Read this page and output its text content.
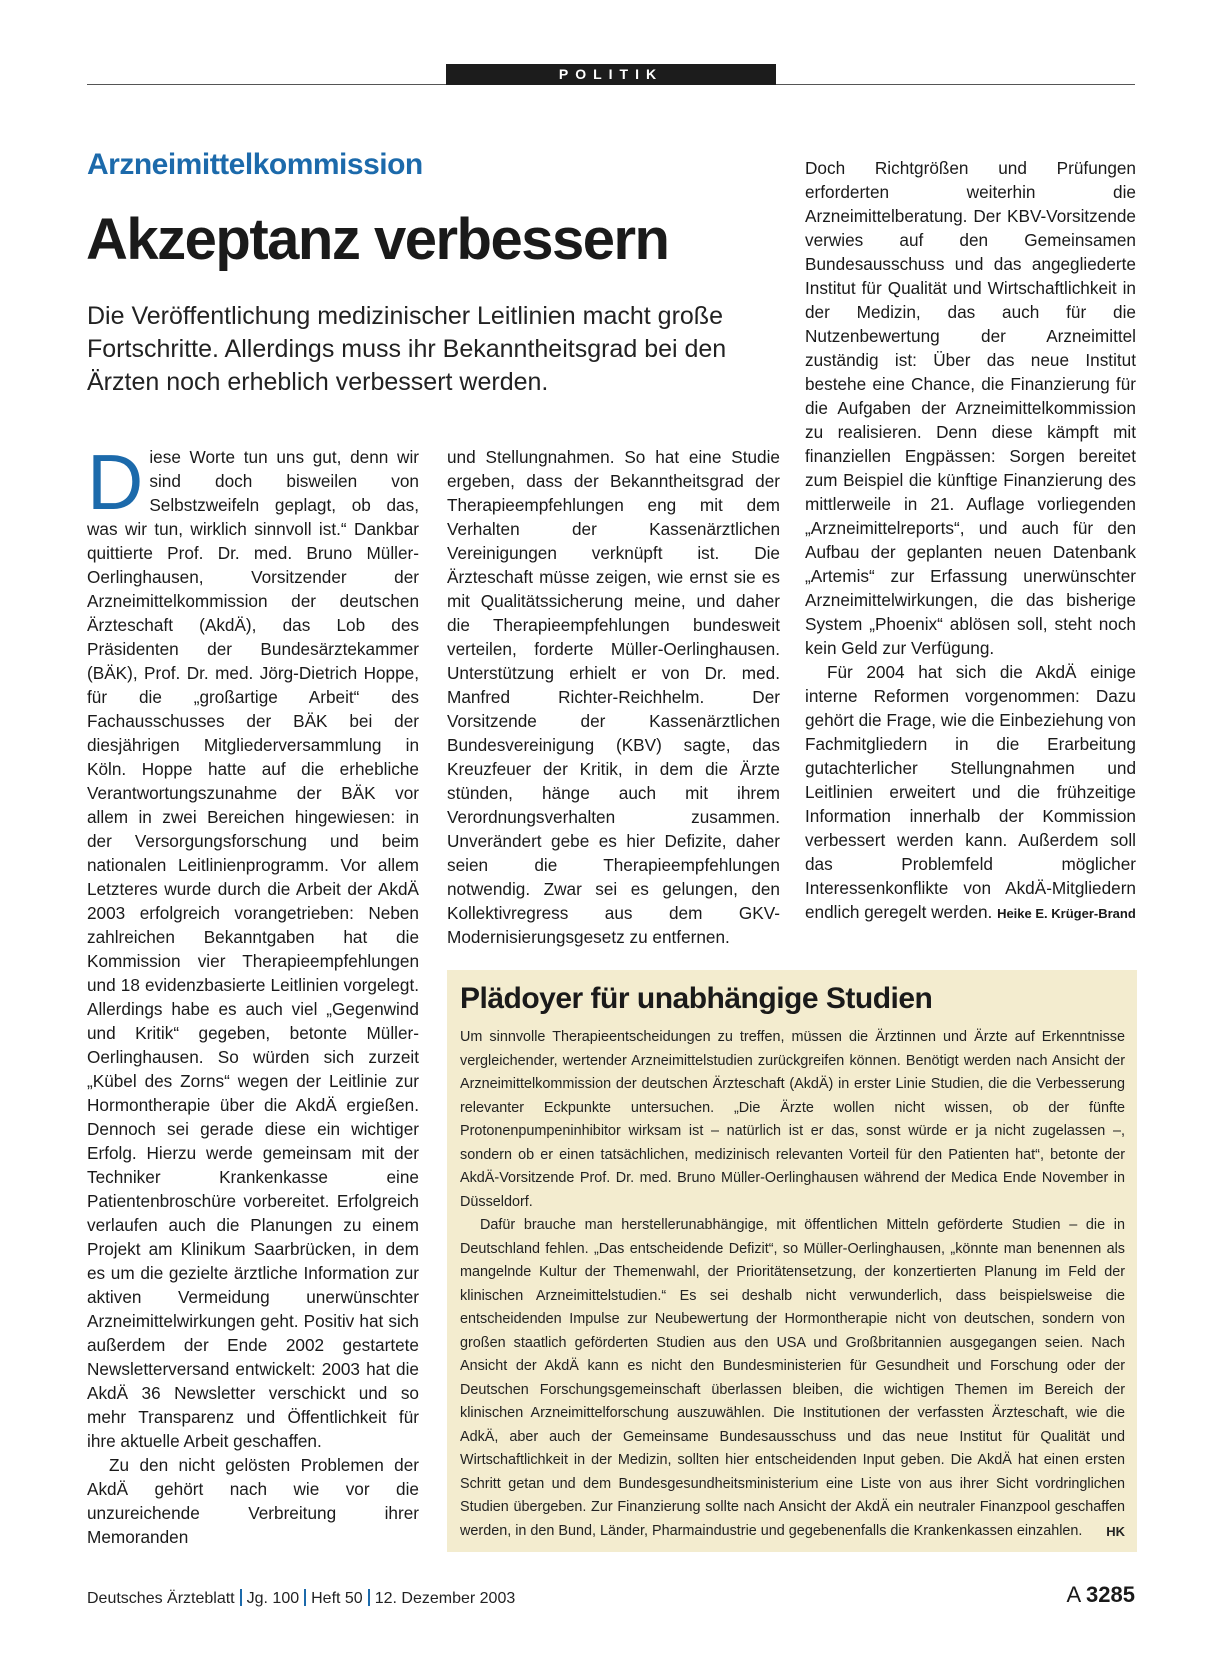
POLITIK
Arzneimittelkommission
Akzeptanz verbessern

Die Veröffentlichung medizinischer Leitlinien macht große Fortschritte. Allerdings muss ihr Bekanntheitsgrad bei den Ärzten noch erheblich verbessert werden.

Diese Worte tun uns gut, denn wir sind doch bisweilen von Selbstzweifeln geplagt, ob das, was wir tun, wirklich sinnvoll ist.“ Dankbar quittierte Prof. Dr. med. Bruno Müller-Oerlinghausen, Vorsitzender der Arzneimittelkommission der deutschen Ärzteschaft (AkdÄ), das Lob des Präsidenten der Bundesärztekammer (BÄK), Prof. Dr. med. Jörg-Dietrich Hoppe, für die „großartige Arbeit“ des Fachausschusses der BÄK bei der diesjährigen Mitgliederversammlung in Köln. Hoppe hatte auf die erhebliche Verantwortungszunahme der BÄK vor allem in zwei Bereichen hingewiesen: in der Versorgungsforschung und beim nationalen Leitlinienprogramm. Vor allem Letzteres wurde durch die Arbeit der AkdÄ 2003 erfolgreich vorangetrieben: Neben zahlreichen Bekanntgaben hat die Kommission vier Therapieempfehlungen und 18 evidenzbasierte Leitlinien vorgelegt. Allerdings habe es auch viel „Gegenwind und Kritik“ gegeben, betonte Müller-Oerlinghausen. So würden sich zurzeit „Kübel des Zorns“ wegen der Leitlinie zur Hormontherapie über die AkdÄ ergießen. Dennoch sei gerade diese ein wichtiger Erfolg. Hierzu werde gemeinsam mit der Techniker Krankenkasse eine Patientenbroschüre vorbereitet. Erfolgreich verlaufen auch die Planungen zu einem Projekt am Klinikum Saarbrücken, in dem es um die gezielte ärztliche Information zur aktiven Vermeidung unerwünschter Arzneimittelwirkungen geht. Positiv hat sich außerdem der Ende 2002 gestartete Newsletterversand entwickelt: 2003 hat die AkdÄ 36 Newsletter verschickt und so mehr Transparenz und Öffentlichkeit für ihre aktuelle Arbeit geschaffen.

Zu den nicht gelösten Problemen der AkdÄ gehört nach wie vor die unzureichende Verbreitung ihrer Memoranden

und Stellungnahmen. So hat eine Studie ergeben, dass der Bekanntheitsgrad der Therapieempfehlungen eng mit dem Verhalten der Kassenärztlichen Vereinigungen verknüpft ist. Die Ärzteschaft müsse zeigen, wie ernst sie es mit Qualitätssicherung meine, und daher die Therapieempfehlungen bundesweit verteilen, forderte Müller-Oerlinghausen. Unterstützung erhielt er von Dr. med. Manfred Richter-Reichhelm. Der Vorsitzende der Kassenärztlichen Bundesvereinigung (KBV) sagte, das Kreuzfeuer der Kritik, in dem die Ärzte stünden, hänge auch mit ihrem Verordnungsverhalten zusammen. Unverändert gebe es hier Defizite, daher seien die Therapieempfehlungen notwendig. Zwar sei es gelungen, den Kollektivregress aus dem GKV-Modernisierungsgesetz zu entfernen.

Doch Richtgrößen und Prüfungen erforderten weiterhin die Arzneimittelberatung. Der KBV-Vorsitzende verwies auf den Gemeinsamen Bundesausschuss und das angegliederte Institut für Qualität und Wirtschaftlichkeit in der Medizin, das auch für die Nutzenbewertung der Arzneimittel zuständig ist: Über das neue Institut bestehe eine Chance, die Finanzierung für die Aufgaben der Arzneimittelkommission zu realisieren. Denn diese kämpft mit finanziellen Engpässen: Sorgen bereitet zum Beispiel die künftige Finanzierung des mittlerweile in 21. Auflage vorliegenden „Arzneimittelreports“, und auch für den Aufbau der geplanten neuen Datenbank „Artemis“ zur Erfassung unerwünschter Arzneimittelwirkungen, die das bisherige System „Phoenix“ ablösen soll, steht noch kein Geld zur Verfügung.

Für 2004 hat sich die AkdÄ einige interne Reformen vorgenommen: Dazu gehört die Frage, wie die Einbeziehung von Fachmitgliedern in die Erarbeitung gutachterlicher Stellungnahmen und Leitlinien erweitert und die frühzeitige Information innerhalb der Kommission verbessert werden kann. Außerdem soll das Problemfeld möglicher Interessenkonflikte von AkdÄ-Mitgliedern endlich geregelt werden. Heike E. Krüger-Brand

Plädoyer für unabhängige Studien

Um sinnvolle Therapieentscheidungen zu treffen, müssen die Ärztinnen und Ärzte auf Erkenntnisse vergleichender, wertender Arzneimittelstudien zurückgreifen können. Benötigt werden nach Ansicht der Arzneimittelkommission der deutschen Ärzteschaft (AkdÄ) in erster Linie Studien, die die Verbesserung relevanter Eckpunkte untersuchen. „Die Ärzte wollen nicht wissen, ob der fünfte Protonenpumpeninhibitor wirksam ist – natürlich ist er das, sonst würde er ja nicht zugelassen –, sondern ob er einen tatsächlichen, medizinisch relevanten Vorteil für den Patienten hat“, betonte der AkdÄ-Vorsitzende Prof. Dr. med. Bruno Müller-Oerlinghausen während der Medica Ende November in Düsseldorf.

Dafür brauche man herstellerunabhängige, mit öffentlichen Mitteln geförderte Studien – die in Deutschland fehlen. „Das entscheidende Defizit“, so Müller-Oerlinghausen, „könnte man benennen als mangelnde Kultur der Themenwahl, der Prioritätensetzung, der konzertierten Planung im Feld der klinischen Arzneimittelstudien.“ Es sei deshalb nicht verwunderlich, dass beispielsweise die entscheidenden Impulse zur Neubewertung der Hormontherapie nicht von deutschen, sondern von großen staatlich geförderten Studien aus den USA und Großbritannien ausgegangen seien. Nach Ansicht der AkdÄ kann es nicht den Bundesministerien für Gesundheit und Forschung oder der Deutschen Forschungsgemeinschaft überlassen bleiben, die wichtigen Themen im Bereich der klinischen Arzneimittelforschung auszuwählen. Die Institutionen der verfassten Ärzteschaft, wie die AdkÄ, aber auch der Gemeinsame Bundesausschuss und das neue Institut für Qualität und Wirtschaftlichkeit in der Medizin, sollten hier entscheidenden Input geben. Die AkdÄ hat einen ersten Schritt getan und dem Bundesgesundheitsministerium eine Liste von aus ihrer Sicht vordringlichen Studien übergeben. Zur Finanzierung sollte nach Ansicht der AkdÄ ein neutraler Finanzpool geschaffen werden, in den Bund, Länder, Pharmaindustrie und gegebenenfalls die Krankenkassen einzahlen.	HK

Deutsches Ärzteblatt Jg. 100 Heft 50 12. Dezember 2003	A 3285
